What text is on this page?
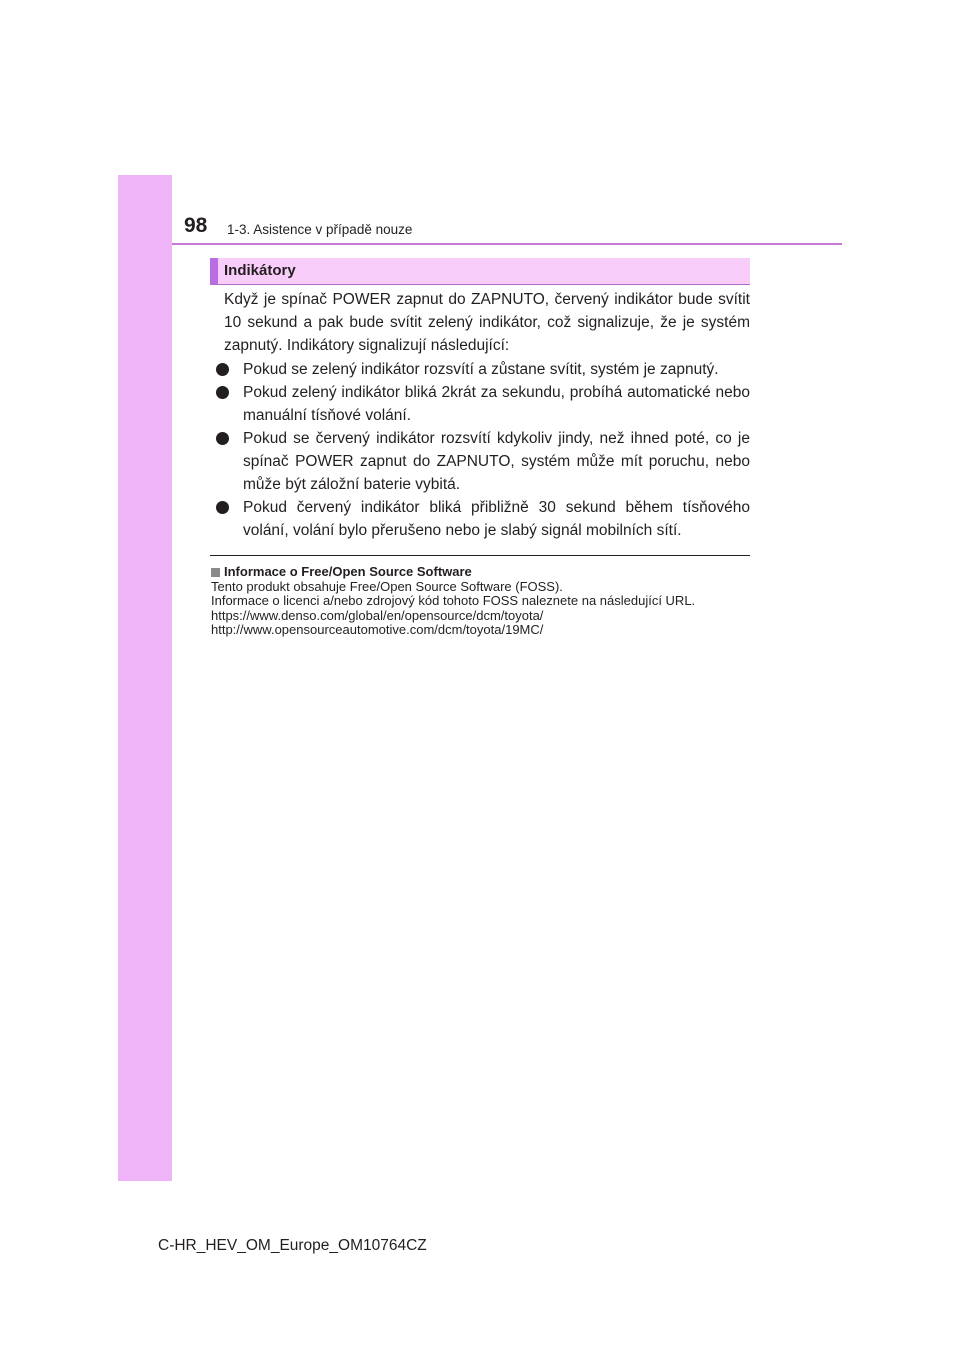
98 1-3. Asistence v případě nouze
Indikátory

Když je spínač POWER zapnut do ZAPNUTO, červený indikátor bude svítit 10 sekund a pak bude svítit zelený indikátor, což signalizuje, že je systém zapnutý. Indikátory signalizují následující:

Pokud se zelený indikátor rozsvítí a zůstane svítit, systém je zapnutý.
Pokud zelený indikátor bliká 2krát za sekundu, probíhá automatické nebo manuální tísňové volání.
Pokud se červený indikátor rozsvítí kdykoliv jindy, než ihned poté, co je spínač POWER zapnut do ZAPNUTO, systém může mít poruchu, nebo může být záložní baterie vybitá.
Pokud červený indikátor bliká přibližně 30 sekund během tísňového volání, volání bylo přerušeno nebo je slabý signál mobilních sítí.
Informace o Free/Open Source Software

Tento produkt obsahuje Free/Open Source Software (FOSS).

Informace o licenci a/nebo zdrojový kód tohoto FOSS naleznete na následující URL.

https://www.denso.com/global/en/opensource/dcm/toyota/

http://www.opensourceautomotive.com/dcm/toyota/19MC/

C-HR_HEV_OM_Europe_OM10764CZ
